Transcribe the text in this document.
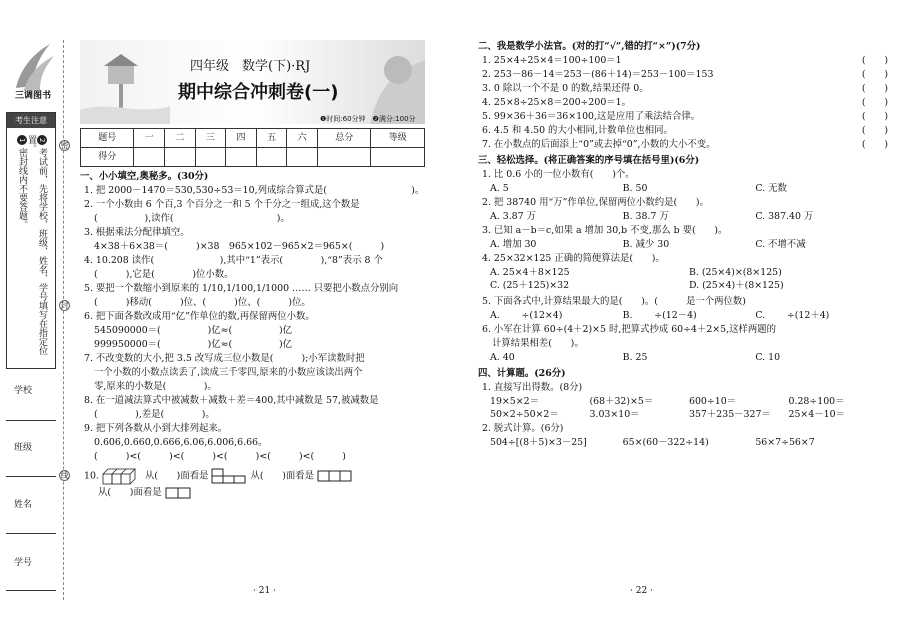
三调图书
考生注意
1密封线内不要答题。
2考试前，先将学校、班级、姓名、学号填写在指定位置。
学校
班级
姓名
学号
密
封
线
四年级　数学(下)·RJ
期中综合冲刺卷(一)
❶时间:60分钟　❷满分:100分
题号	一	二	三	四	五	六	总分	等级
得分								
一、小小填空,奥秘多。(30分)
1. 把 2000－1470＝530,530÷53＝10,列成综合算式是(　　　　　　　　　)。
2. 一个小数由 6 个百,3 个百分之一和 5 个千分之一组成,这个数是
(　　　　　),读作(　　　　　　　　　　　)。
3. 根据乘法分配律填空。
4×38＋6×38＝(　　　)×38　965×102－965×2＝965×(　　　)
4. 10.208 读作(　　　　　　　),其中“1”表示(　　　　),“8”表示 8 个
(　　　),它是(　　　　)位小数。
5. 要把一个数缩小到原来的 1/10,1/100,1/1000 …… 只要把小数点分别向
(　　　)移动(　　　)位、(　　　)位、(　　　)位。
6. 把下面各数改成用“亿”作单位的数,再保留两位小数。
545090000＝(　　　　　)亿≈(　　　　　)亿
999950000＝(　　　　　)亿≈(　　　　　)亿
7. 不改变数的大小,把 3.5 改写成三位小数是(　　　);小军读数时把
一个小数的小数点读丢了,读成三千零四,原来的小数应该读出两个
零,原来的小数是(　　　　)。
8. 在一道减法算式中被减数＋减数＋差＝400,其中减数是 57,被减数是
(　　　　),差是(　　　　)。
9. 把下列各数从小到大排列起来。
0.606,0.660,0.666,6.06,6.006,6.66。
(　　　)<(　　　)<(　　　)<(　　　)<(　　　)<(　　　)
10.	从(　　)面看是	从(　　)面看是
从(　　)面看是
· 21 ·
二、我是数学小法官。(对的打“√”,错的打“×”)(7分)
1. 25×4÷25×4＝100÷100＝1	(　　)
2. 253－86－14＝253－(86＋14)＝253－100＝153	(　　)
3. 0 除以一个不是 0 的数,结果还得 0。	(　　)
4. 25×8÷25×8＝200÷200＝1。	(　　)
5. 99×36＋36＝36×100,这是应用了乘法结合律。	(　　)
6. 4.5 和 4.50 的大小相同,计数单位也相同。	(　　)
7. 在小数点的后面添上“0”或去掉“0”,小数的大小不变。	(　　)
三、轻松选择。(将正确答案的序号填在括号里)(6分)
1. 比 0.6 小的一位小数有(　　)个。
A. 5	B. 50	C. 无数
2. 把 38740 用“万”作单位,保留两位小数约是(　　)。
A. 3.87 万	B. 38.7 万	C. 387.40 万
3. 已知 a－b＝c,如果 a 增加 30,b 不变,那么 b 要(　　)。
A. 增加 30	B. 减少 30	C. 不增不减
4. 25×32×125 正确的简便算法是(　　)。
A. 25×4＋8×125	B. (25×4)×(8×125)
C. (25＋125)×32	D. (25×4)＋(8×125)
5. 下面各式中,计算结果最大的是(　　)。(　　　是一个两位数)
A. 　　÷(12×4)	B. 　　÷(12－4)	C. 　　÷(12＋4)
6. 小军在计算 60÷(4＋2)×5 时,把算式抄成 60÷4＋2×5,这样两题的
计算结果相差(　　)。
A. 40	B. 25	C. 10
四、计算题。(26分)
1. 直接写出得数。(8分)
19×5×2＝	(68＋32)×5＝	600÷10＝	0.28÷100＝
50×2÷50×2＝	3.03×10＝	357＋235－327＝	25×4－10＝
2. 脱式计算。(6分)
504÷[(8＋5)×3－25]	65×(60－322÷14)	56×7÷56×7
· 22 ·
